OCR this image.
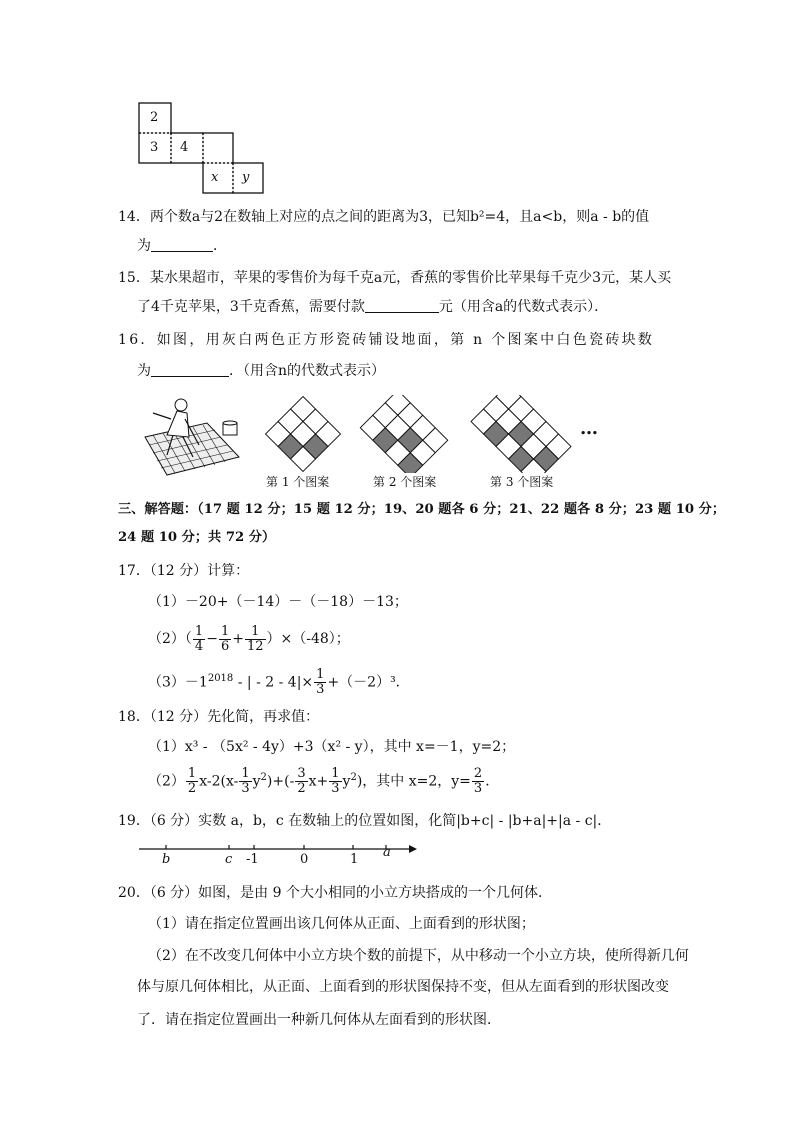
2
3 4
x y
14．两个数a与2在数轴上对应的点之间的距离为3，已知b²=4，且a<b，则a - b的值
为	．
15．某水果超市，苹果的零售价为每千克a元，香蕉的零售价比苹果每千克少3元，某人买
了4千克苹果，3千克香蕉，需要付款	元（用含a的代数式表示）．
16．如图，用灰白两色正方形瓷砖铺设地面，第 n 个图案中白色瓷砖块数
为	．（用含n的代数式表示）
…
第 1 个图案	第 2 个图案	第 3 个图案
三、解答题：（17 题 12 分；15 题 12 分；19、20 题各 6 分；21、22 题各 8 分；23 题 10 分；
24 题 10 分；共 72 分）
17．（12 分）计算：
（1）－20+（－14）－（－18）－13；
$(2)( \frac{1}{4} - \frac{1}{6} + \frac{1}{12} )\times(-48)$；
$(3)-1^{2018}$ - | - $2 - 4|\times \frac{1}{3} +(-2)^3$．
18．（12 分）先化简，再求值：
（1）x³ - （5x² - 4y）+3（x² - y），其中 x=－1，y=2；
$(2) \frac{1}{2} x-2(x- \frac{1}{3} y^2)+(- \frac{3}{2} x+ \frac{1}{3} y^2)$，其中 x=2，$y= \frac{2}{3}$ ．
19．（6 分）实数 a，b，c 在数轴上的位置如图，化简|b+c| - |b+a|+|a - c|．
b	c -1	0	1 a
20．（6 分）如图，是由 9 个大小相同的小立方块搭成的一个几何体．
（1）请在指定位置画出该几何体从正面、上面看到的形状图；
（2）在不改变几何体中小立方块个数的前提下，从中移动一个小立方块，使所得新几何
体与原几何体相比，从正面、上面看到的形状图保持不变，但从左面看到的形状图改变
了．请在指定位置画出一种新几何体从左面看到的形状图．
